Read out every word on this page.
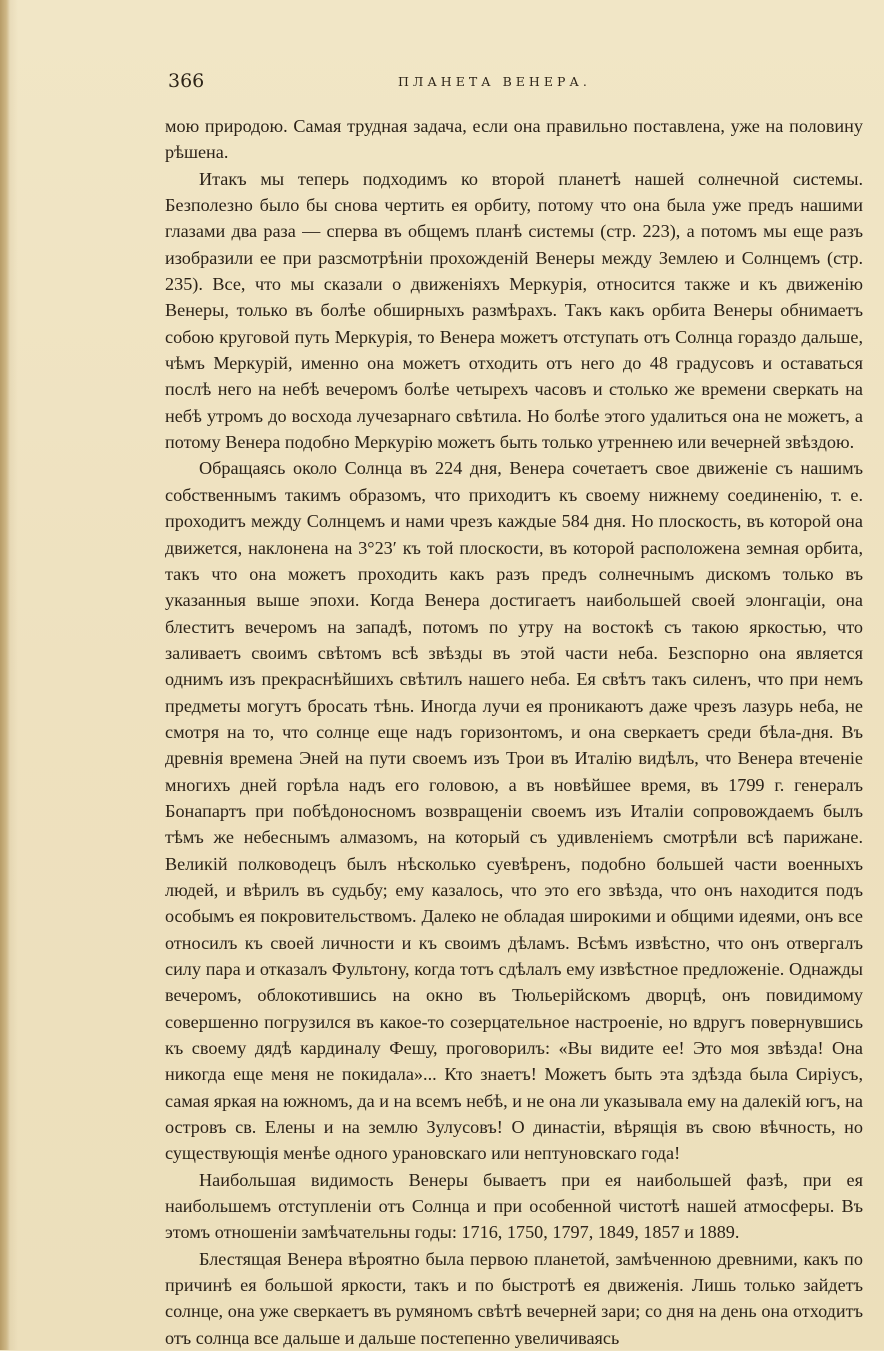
366	ПЛАНЕТА ВЕНЕРА.

мою природою. Самая трудная задача, если она правильно поставлена, уже на половину рѣшена.

Итакъ мы теперь подходимъ ко второй планетѣ нашей солнечной системы. Безполезно было бы снова чертить ея орбиту, потому что она была уже предъ нашими глазами два раза — сперва въ общемъ планѣ системы (стр. 223), а потомъ мы еще разъ изобразили ее при разсмотрѣніи прохожденій Венеры между Землею и Солнцемъ (стр. 235). Все, что мы сказали о движеніяхъ Меркурія, относится также и къ движенію Венеры, только въ болѣе обширныхъ размѣрахъ. Такъ какъ орбита Венеры обнимаетъ собою круговой путь Меркурія, то Венера можетъ отступать отъ Солнца гораздо дальше, чѣмъ Меркурій, именно она можетъ отходить отъ него до 48 градусовъ и оставаться послѣ него на небѣ вечеромъ болѣе четырехъ часовъ и столько же времени сверкать на небѣ утромъ до восхода лучезарнаго свѣтила. Но болѣе этого удалиться она не можетъ, а потому Венера подобно Меркурію можетъ быть только утреннею или вечерней звѣздою.

Обращаясь около Солнца въ 224 дня, Венера сочетаетъ свое движеніе съ нашимъ собственнымъ такимъ образомъ, что приходитъ къ своему нижнему соединенію, т. е. проходитъ между Солнцемъ и нами чрезъ каждые 584 дня. Но плоскость, въ которой она движется, наклонена на 3°23′ къ той плоскости, въ которой расположена земная орбита, такъ что она можетъ проходить какъ разъ предъ солнечнымъ дискомъ только въ указанныя выше эпохи. Когда Венера достигаетъ наибольшей своей элонгаціи, она блеститъ вечеромъ на западѣ, потомъ по утру на востокѣ съ такою яркостью, что заливаетъ своимъ свѣтомъ всѣ звѣзды въ этой части неба. Безспорно она является однимъ изъ прекраснѣйшихъ свѣтилъ нашего неба. Ея свѣтъ такъ силенъ, что при немъ предметы могутъ бросать тѣнь. Иногда лучи ея проникаютъ даже чрезъ лазурь неба, не смотря на то, что солнце еще надъ горизонтомъ, и она сверкаетъ среди бѣла-дня. Въ древнія времена Эней на пути своемъ изъ Трои въ Италію видѣлъ, что Венера втеченіе многихъ дней горѣла надъ его головою, а въ новѣйшее время, въ 1799 г. генералъ Бонапартъ при побѣдоносномъ возвращеніи своемъ изъ Италіи сопровождаемъ былъ тѣмъ же небеснымъ алмазомъ, на который съ удивленіемъ смотрѣли всѣ парижане. Великій полководецъ былъ нѣсколько суевѣренъ, подобно большей части военныхъ людей, и вѣрилъ въ судьбу; ему казалось, что это его звѣзда, что онъ находится подъ особымъ ея покровительствомъ. Далеко не обладая широкими и общими идеями, онъ все относилъ къ своей личности и къ своимъ дѣламъ. Всѣмъ извѣстно, что онъ отвергалъ силу пара и отказалъ Фультону, когда тотъ сдѣлалъ ему извѣстное предложеніе. Однажды вечеромъ, облокотившись на окно въ Тюльерійскомъ дворцѣ, онъ повидимому совершенно погрузился въ какое-то созерцательное настроеніе, но вдругъ повернувшись къ своему дядѣ кардиналу Фешу, проговорилъ: «Вы видите ее! Это моя звѣзда! Она никогда еще меня не покидала»... Кто знаетъ! Можетъ быть эта здѣзда была Сиріусъ, самая яркая на южномъ, да и на всемъ небѣ, и не она ли указывала ему на далекій югъ, на островъ св. Елены и на землю Зулусовъ! О династіи, вѣрящія въ свою вѣчность, но существующія менѣе одного урановскаго или нептуновскаго года!

Наибольшая видимость Венеры бываетъ при ея наибольшей фазѣ, при ея наибольшемъ отступленіи отъ Солнца и при особенной чистотѣ нашей атмосферы. Въ этомъ отношеніи замѣчательны годы: 1716, 1750, 1797, 1849, 1857 и 1889.

Блестящая Венера вѣроятно была первою планетой, замѣченною древними, какъ по причинѣ ея большой яркости, такъ и по быстротѣ ея движенія. Лишь только зайдетъ солнце, она уже сверкаетъ въ румяномъ свѣтѣ вечерней зари; со дня на день она отходитъ отъ солнца все дальше и дальше постепенно увеличиваясь
